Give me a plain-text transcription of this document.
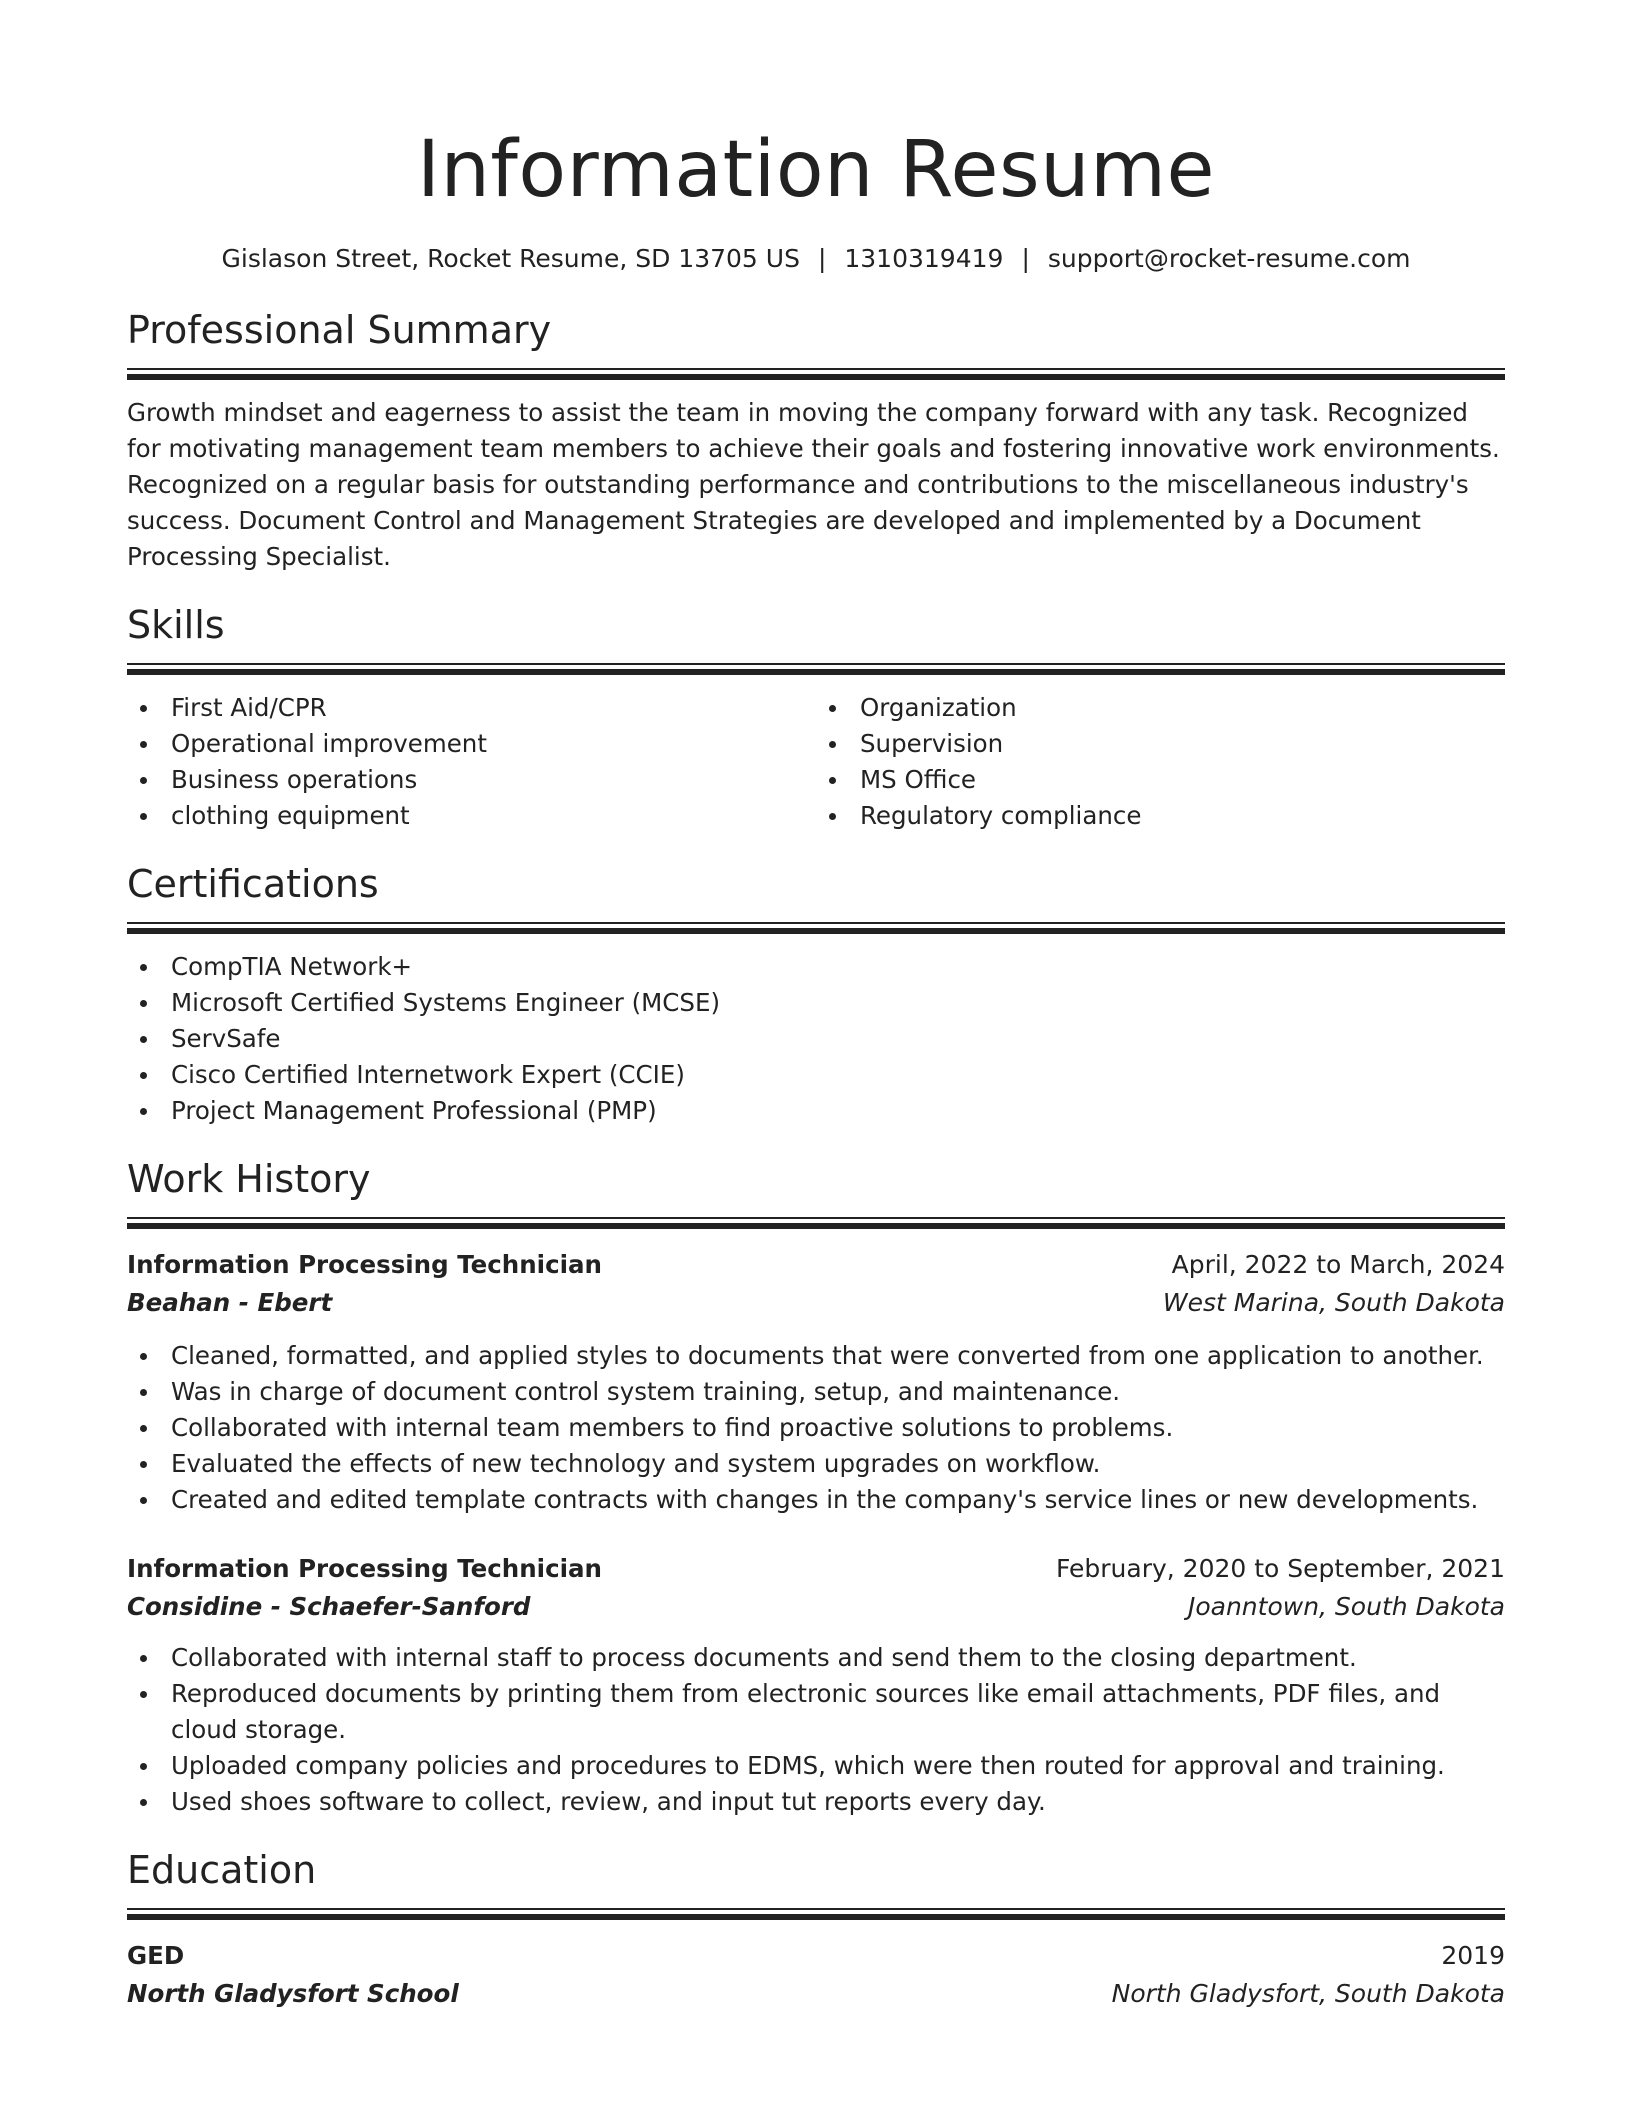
Information Resume
Gislason Street, Rocket Resume, SD 13705 US | 1310319419 | support@rocket-resume.com
Professional Summary
Growth mindset and eagerness to assist the team in moving the company forward with any task. Recognized for motivating management team members to achieve their goals and fostering innovative work environments. Recognized on a regular basis for outstanding performance and contributions to the miscellaneous industry's success. Document Control and Management Strategies are developed and implemented by a Document Processing Specialist.
Skills
First Aid/CPR
Operational improvement
Business operations
clothing equipment
Organization
Supervision
MS Office
Regulatory compliance
Certifications
CompTIA Network+
Microsoft Certified Systems Engineer (MCSE)
ServSafe
Cisco Certified Internetwork Expert (CCIE)
Project Management Professional (PMP)
Work History
Information Processing Technician	April, 2022 to March, 2024
Beahan - Ebert	West Marina, South Dakota
Cleaned, formatted, and applied styles to documents that were converted from one application to another.
Was in charge of document control system training, setup, and maintenance.
Collaborated with internal team members to find proactive solutions to problems.
Evaluated the effects of new technology and system upgrades on workflow.
Created and edited template contracts with changes in the company's service lines or new developments.
Information Processing Technician	February, 2020 to September, 2021
Considine - Schaefer-Sanford	Joanntown, South Dakota
Collaborated with internal staff to process documents and send them to the closing department.
Reproduced documents by printing them from electronic sources like email attachments, PDF files, and cloud storage.
Uploaded company policies and procedures to EDMS, which were then routed for approval and training.
Used shoes software to collect, review, and input tut reports every day.
Education
GED	2019
North Gladysfort School	North Gladysfort, South Dakota
